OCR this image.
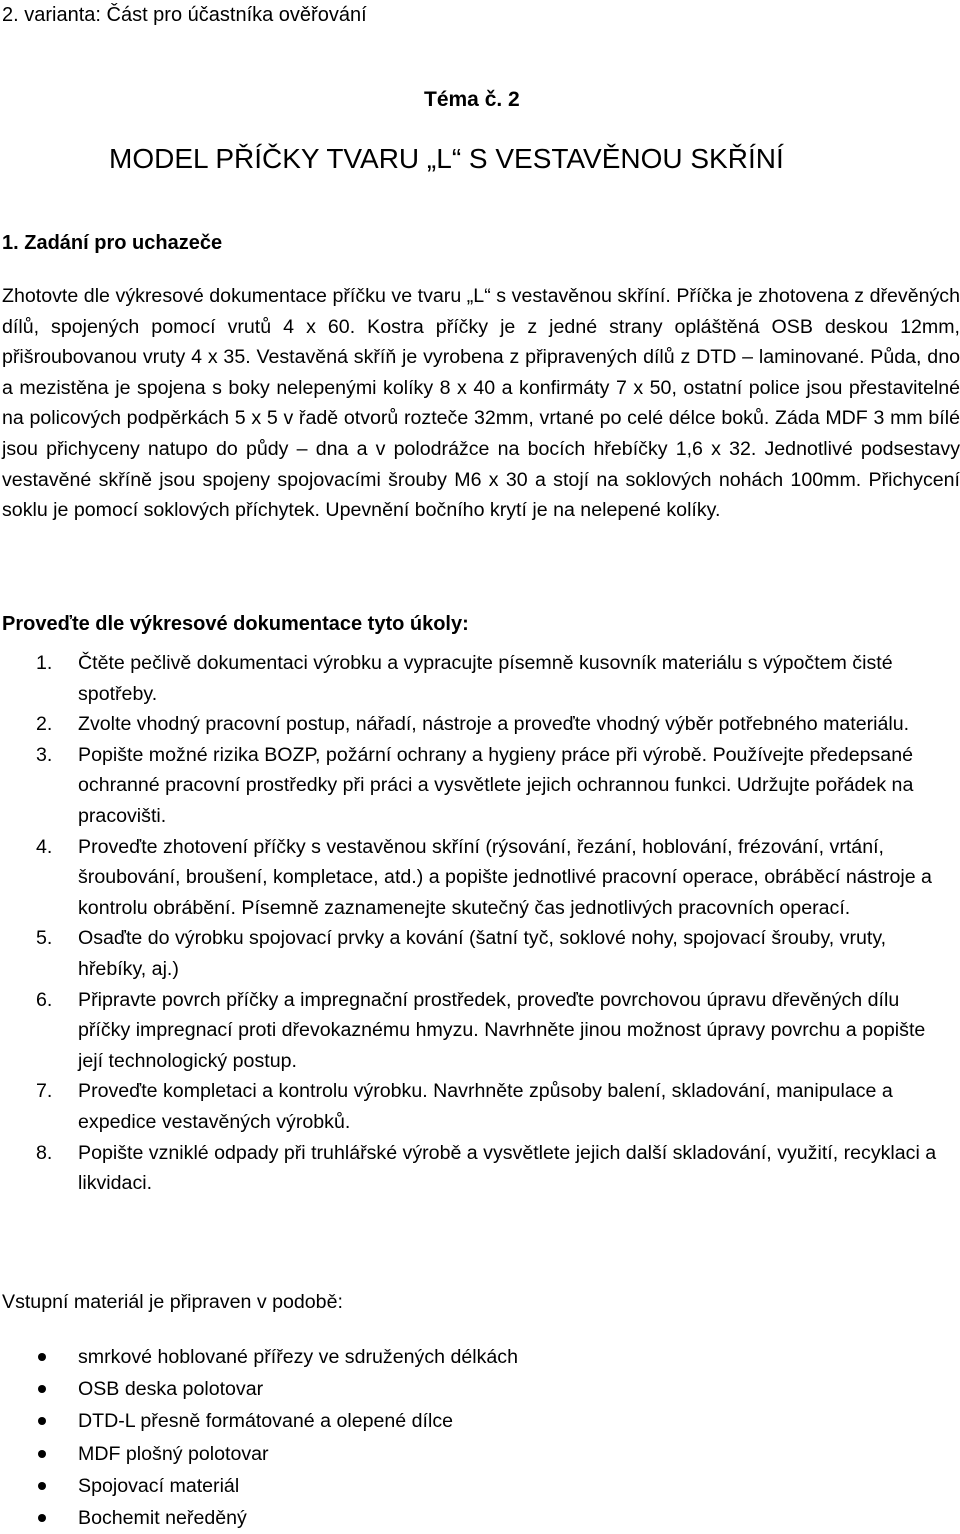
2. varianta: Část pro účastníka ověřování
Téma č. 2
MODEL PŘÍČKY TVARU „L“ S VESTAVĚNOU SKŘÍNÍ
1. Zadání pro uchazeče
Zhotovte dle výkresové dokumentace příčku ve tvaru „L“ s vestavěnou skříní. Příčka je zhotovena z dřevěných dílů, spojených pomocí vrutů 4 x 60. Kostra příčky je z jedné strany opláštěná OSB deskou 12mm, přišroubovanou vruty 4 x 35. Vestavěná skříň je vyrobena z připravených dílů z DTD – laminované. Půda, dno a mezistěna je spojena s boky nelepenými kolíky 8 x 40 a konfirmáty 7 x 50, ostatní police jsou přestavitelné na policových podpěrkách 5 x 5 v řadě otvorů rozteče 32mm, vrtané po celé délce boků. Záda MDF 3 mm bílé jsou přichyceny natupo do půdy – dna a v polodrážce na bocích hřebíčky 1,6 x 32. Jednotlivé podsestavy vestavěné skříně jsou spojeny spojovacími šrouby M6 x 30 a stojí na soklových nohách 100mm. Přichycení soklu je pomocí soklových příchytek. Upevnění bočního krytí je na nelepené kolíky.
Proveďte dle výkresové dokumentace tyto úkoly:
1. Čtěte pečlivě dokumentaci výrobku a vypracujte písemně kusovník materiálu s výpočtem čisté spotřeby.
2. Zvolte vhodný pracovní postup, nářadí, nástroje a proveďte vhodný výběr potřebného materiálu.
3. Popište možné rizika BOZP, požární ochrany a hygieny práce při výrobě. Používejte předepsané ochranné pracovní prostředky při práci a vysvětlete jejich ochrannou funkci. Udržujte pořádek na pracovišti.
4. Proveďte zhotovení příčky s vestavěnou skříní (rýsování, řezání, hoblování, frézování, vrtání, šroubování, broušení, kompletace, atd.) a popište jednotlivé pracovní operace, obráběcí nástroje a kontrolu obrábění. Písemně zaznamenejte skutečný čas jednotlivých pracovních operací.
5. Osaďte do výrobku spojovací prvky a kování (šatní tyč, soklové nohy, spojovací šrouby, vruty, hřebíky, aj.)
6. Připravte povrch příčky a impregnační prostředek, proveďte povrchovou úpravu dřevěných dílu příčky impregnací proti dřevokaznému hmyzu. Navrhněte jinou možnost úpravy povrchu a popište její technologický postup.
7. Proveďte kompletaci a kontrolu výrobku. Navrhněte způsoby balení, skladování, manipulace a expedice vestavěných výrobků.
8. Popište vzniklé odpady při truhlářské výrobě a vysvětlete jejich další skladování, využití, recyklaci a likvidaci.
Vstupní materiál je připraven v podobě:
smrkové hoblované přířezy ve sdružených délkách
OSB deska polotovar
DTD-L přesně formátované a olepené dílce
MDF plošný polotovar
Spojovací materiál
Bochemit neředěný
